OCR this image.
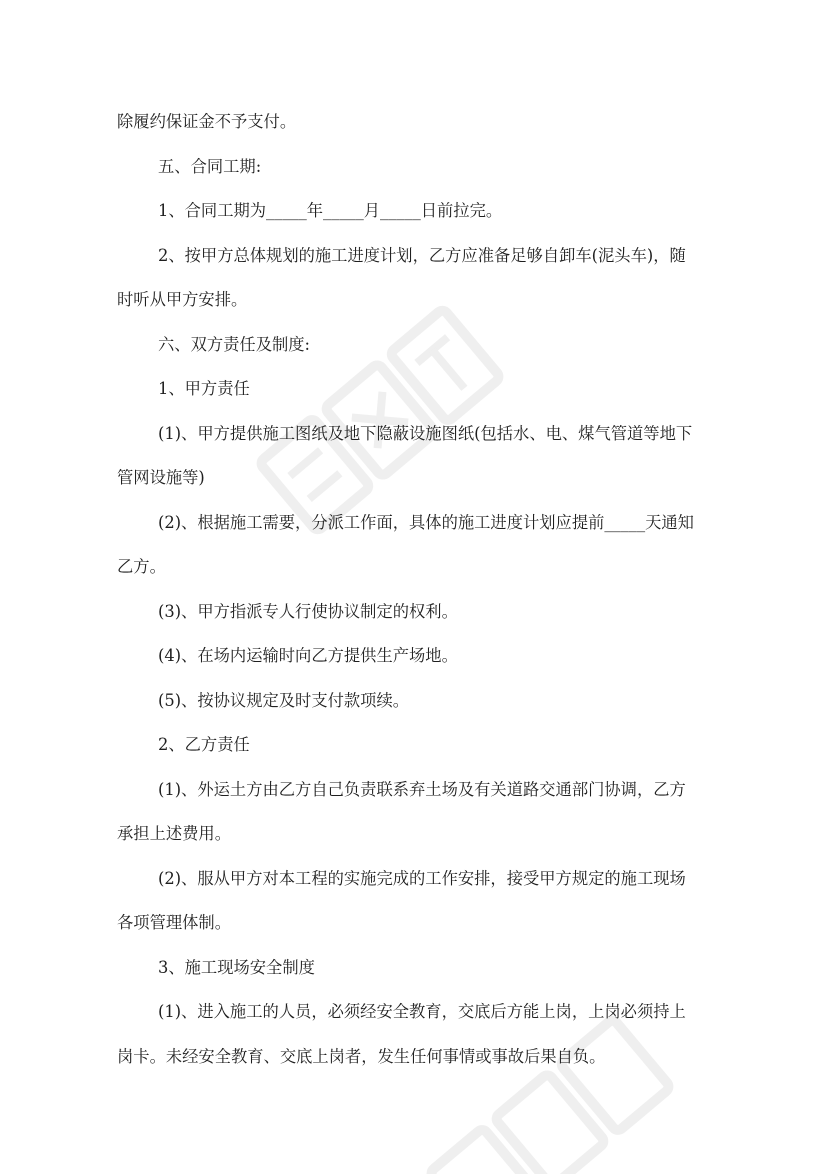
除履约保证金不予支付。

五、合同工期:

1、合同工期为_____年_____月_____日前拉完。

2、按甲方总体规划的施工进度计划，乙方应准备足够自卸车(泥头车)，随

时听从甲方安排。

六、双方责任及制度:

1、甲方责任

(1)、甲方提供施工图纸及地下隐蔽设施图纸(包括水、电、煤气管道等地下

管网设施等)

(2)、根据施工需要，分派工作面，具体的施工进度计划应提前_____天通知

乙方。

(3)、甲方指派专人行使协议制定的权利。

(4)、在场内运输时向乙方提供生产场地。

(5)、按协议规定及时支付款项续。

2、乙方责任

(1)、外运土方由乙方自己负责联系弃土场及有关道路交通部门协调，乙方

承担上述费用。

(2)、服从甲方对本工程的实施完成的工作安排，接受甲方规定的施工现场

各项管理体制。

3、施工现场安全制度

(1)、进入施工的人员，必须经安全教育，交底后方能上岗，上岗必须持上

岗卡。未经安全教育、交底上岗者，发生任何事情或事故后果自负。
